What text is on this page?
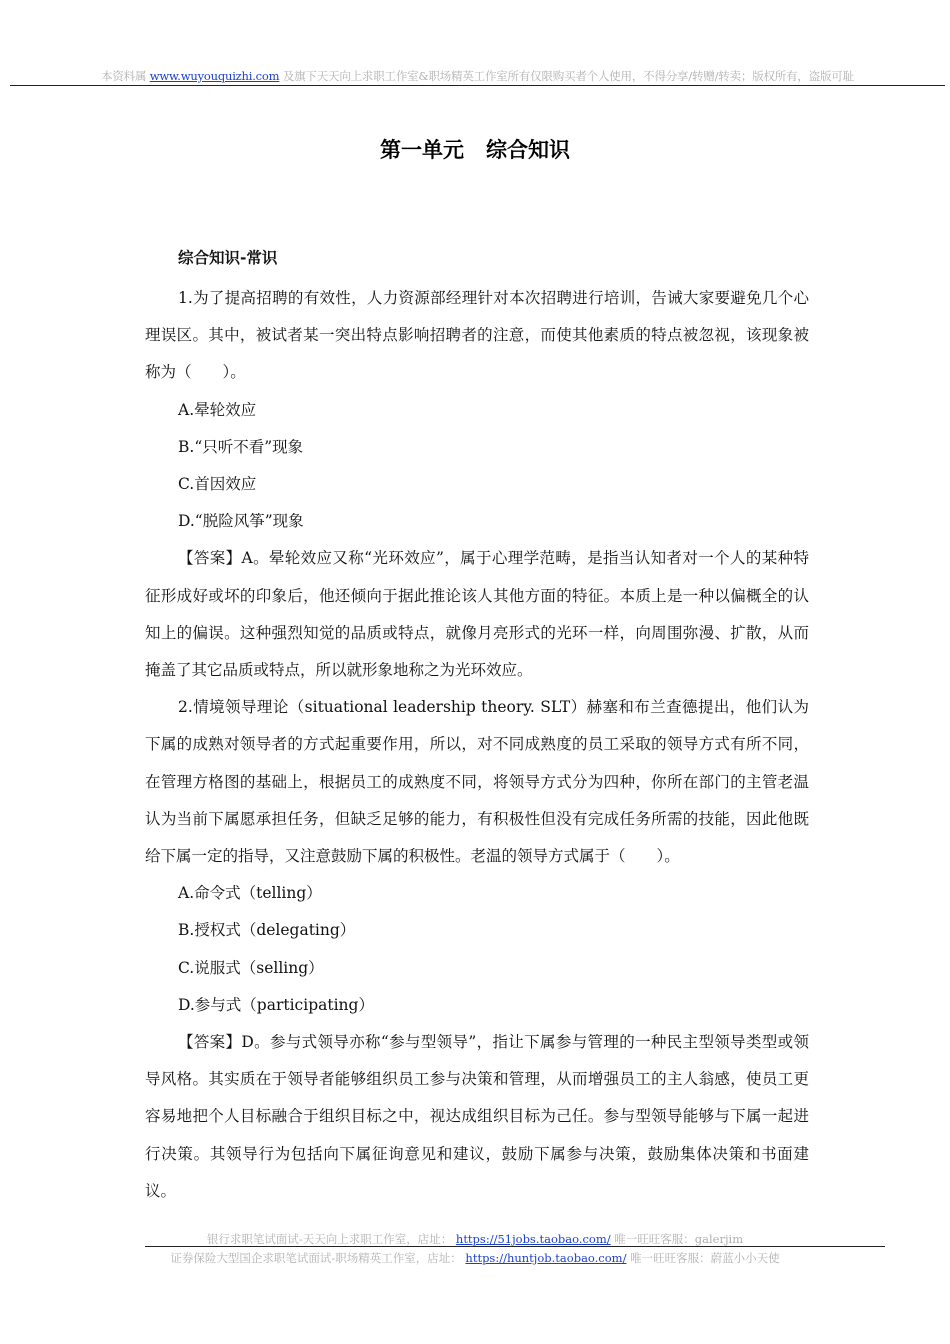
本资料属 www.wuyouquizhi.com 及旗下天天向上求职工作室&职场精英工作室所有仅限购买者个人使用，不得分享/转赠/转卖；版权所有，盗版可耻
第一单元 综合知识
综合知识-常识

1.为了提高招聘的有效性，人力资源部经理针对本次招聘进行培训，告诫大家要避免几个心理误区。其中，被试者某一突出特点影响招聘者的注意，而使其他素质的特点被忽视，该现象被称为（　　）。

A.晕轮效应

B.“只听不看”现象

C.首因效应

D.“脱险风筝”现象

【答案】A。晕轮效应又称“光环效应”，属于心理学范畴，是指当认知者对一个人的某种特征形成好或坏的印象后，他还倾向于据此推论该人其他方面的特征。本质上是一种以偏概全的认知上的偏误。这种强烈知觉的品质或特点，就像月亮形式的光环一样，向周围弥漫、扩散，从而掩盖了其它品质或特点，所以就形象地称之为光环效应。

2.情境领导理论（situational leadership theory. SLT）赫塞和布兰查德提出，他们认为下属的成熟对领导者的方式起重要作用，所以，对不同成熟度的员工采取的领导方式有所不同，在管理方格图的基础上，根据员工的成熟度不同，将领导方式分为四种，你所在部门的主管老温认为当前下属愿承担任务，但缺乏足够的能力，有积极性但没有完成任务所需的技能，因此他既给下属一定的指导，又注意鼓励下属的积极性。老温的领导方式属于（　　）。

A.命令式（telling）

B.授权式（delegating）

C.说服式（selling）

D.参与式（participating）

【答案】D。参与式领导亦称“参与型领导”，指让下属参与管理的一种民主型领导类型或领导风格。其实质在于领导者能够组织员工参与决策和管理，从而增强员工的主人翁感，使员工更容易地把个人目标融合于组织目标之中，视达成组织目标为己任。参与型领导能够与下属一起进行决策。其领导行为包括向下属征询意见和建议，鼓励下属参与决策，鼓励集体决策和书面建议。

银行求职笔试面试-天天向上求职工作室，店址： https://51jobs.taobao.com/ 唯一旺旺客服：galerjim
证券保险大型国企求职笔试面试-职场精英工作室，店址： https://huntjob.taobao.com/ 唯一旺旺客服：蔚蓝小小天使
